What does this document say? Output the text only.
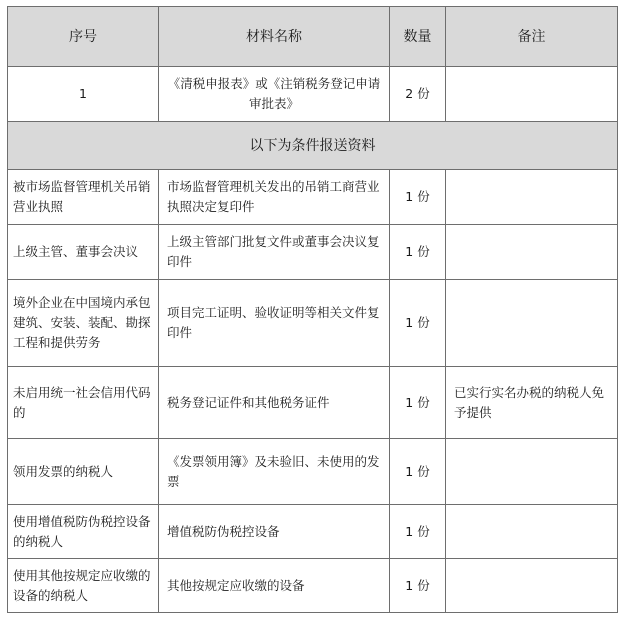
序号	材料名称	数量	备注
1	《清税申报表》或《注销税务登记申请审批表》	2 份	
以下为条件报送资料			
被市场监督管理机关吊销营业执照	市场监督管理机关发出的吊销工商营业执照决定复印件	1 份	
上级主管、董事会决议	上级主管部门批复文件或董事会决议复印件	1 份	
境外企业在中国境内承包建筑、安装、装配、勘探工程和提供劳务	项目完工证明、验收证明等相关文件复印件	1 份	
未启用统一社会信用代码的	税务登记证件和其他税务证件	1 份	已实行实名办税的纳税人免予提供
领用发票的纳税人	《发票领用簿》及未验旧、未使用的发票	1 份	
使用增值税防伪税控设备的纳税人	增值税防伪税控设备	1 份	
使用其他按规定应收缴的设备的纳税人	其他按规定应收缴的设备	1 份	
